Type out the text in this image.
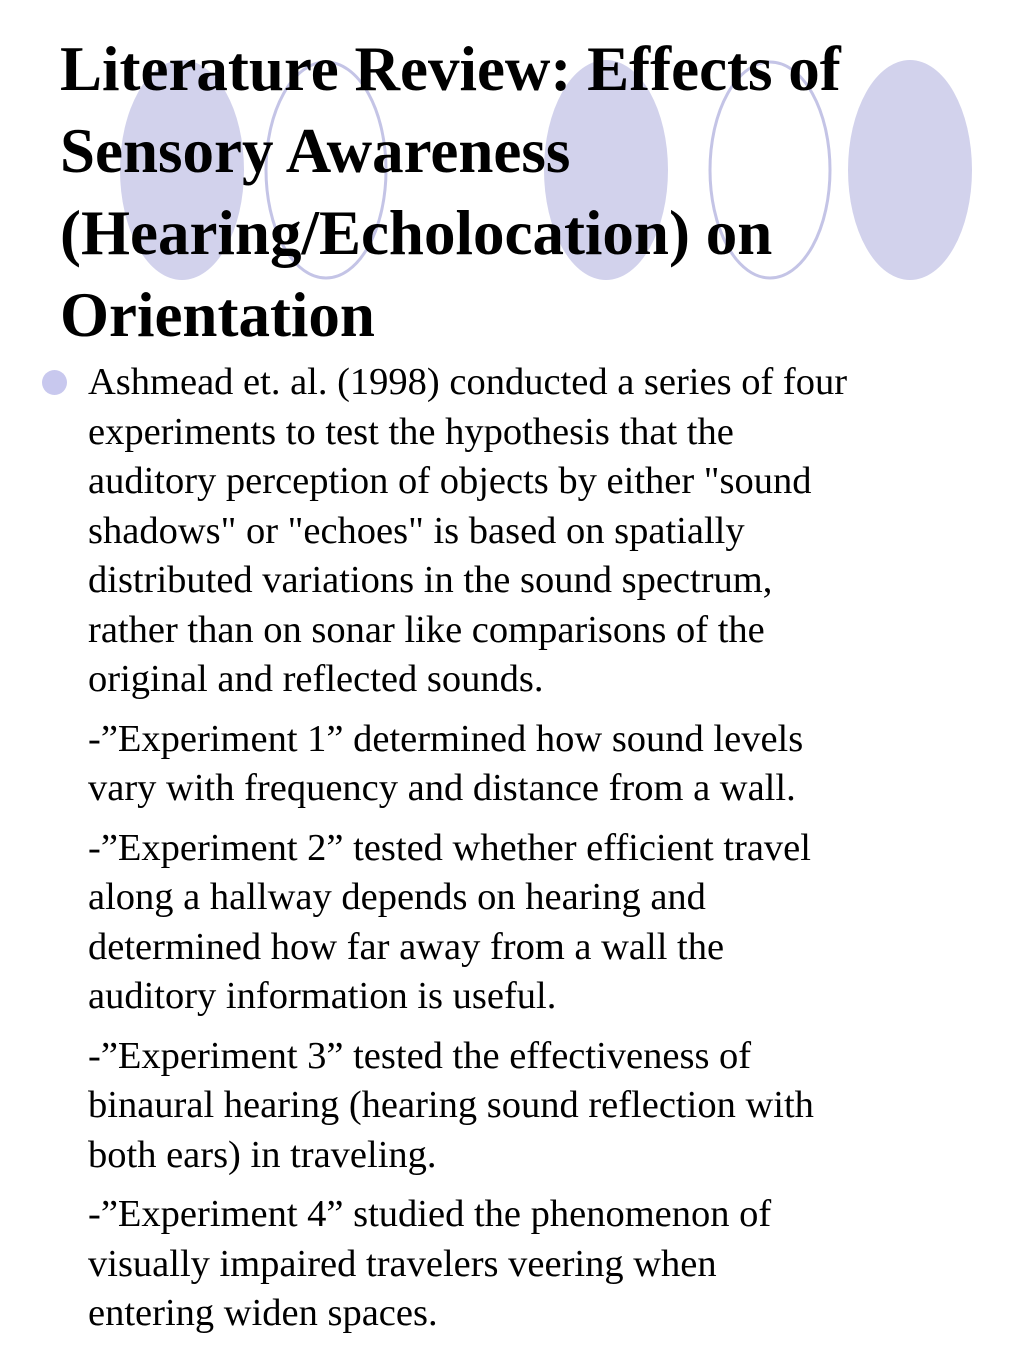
Literature Review: Effects of
Sensory Awareness
(Hearing/Echolocation) on
Orientation
Ashmead et. al. (1998) conducted a series of four
experiments to test the hypothesis that the
auditory perception of objects by either "sound
shadows" or "echoes" is based on spatially
distributed variations in the sound spectrum,
rather than on sonar like comparisons of the
original and reflected sounds.
-”Experiment 1” determined how sound levels
vary with frequency and distance from a wall.
-”Experiment 2” tested whether efficient travel
along a hallway depends on hearing and
determined how far away from a wall the
auditory information is useful.
-”Experiment 3” tested the effectiveness of
binaural hearing (hearing sound reflection with
both ears) in traveling.
-”Experiment 4” studied the phenomenon of
visually impaired travelers veering when
entering widen spaces.
